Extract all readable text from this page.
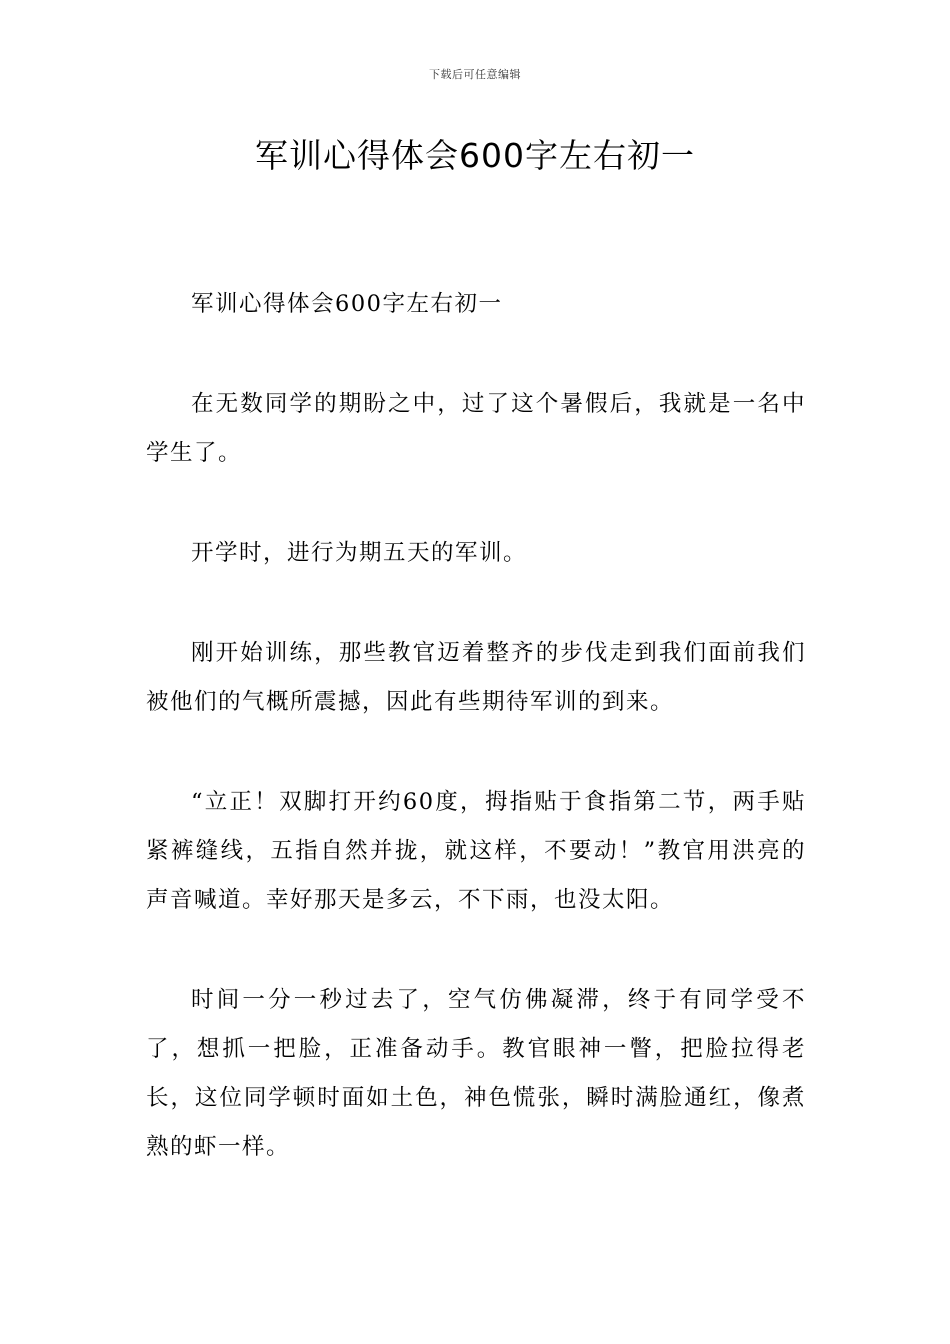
下载后可任意编辑
军训心得体会600字左右初一

军训心得体会600字左右初一

在无数同学的期盼之中，过了这个暑假后，我就是一名中学生了。

开学时，进行为期五天的军训。

刚开始训练，那些教官迈着整齐的步伐走到我们面前我们被他们的气概所震撼，因此有些期待军训的到来。

“立正！双脚打开约60度，拇指贴于食指第二节，两手贴紧裤缝线，五指自然并拢，就这样，不要动！”教官用洪亮的声音喊道。幸好那天是多云，不下雨，也没太阳。

时间一分一秒过去了，空气仿佛凝滞，终于有同学受不了，想抓一把脸，正准备动手。教官眼神一瞥，把脸拉得老长，这位同学顿时面如土色，神色慌张，瞬时满脸通红，像煮熟的虾一样。
